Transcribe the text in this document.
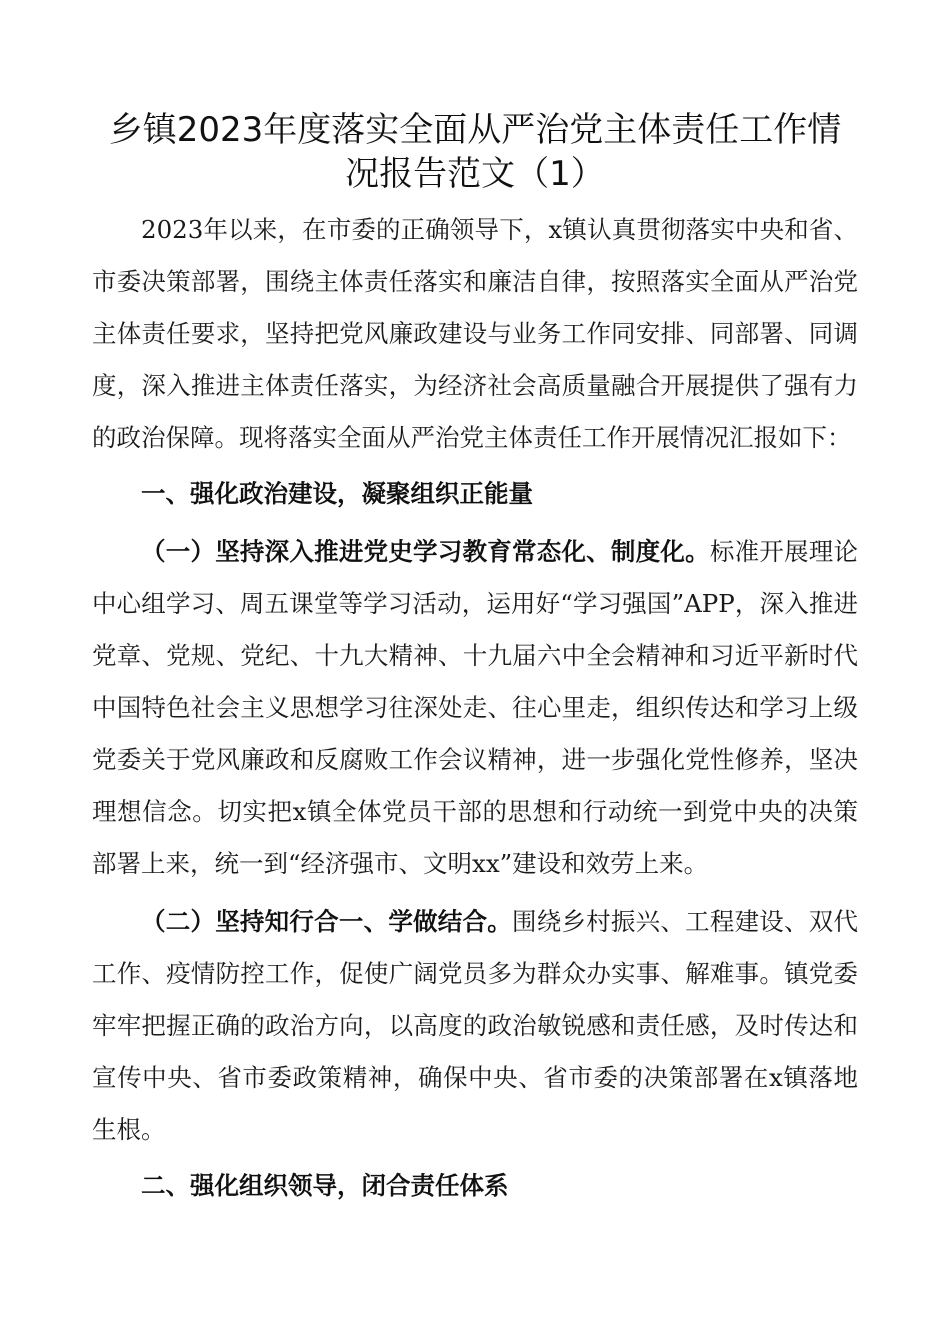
乡镇2023年度落实全面从严治党主体责任工作情况报告范文（1）

2023年以来，在市委的正确领导下，x镇认真贯彻落实中央和省、市委决策部署，围绕主体责任落实和廉洁自律，按照落实全面从严治党主体责任要求，坚持把党风廉政建设与业务工作同安排、同部署、同调度，深入推进主体责任落实，为经济社会高质量融合开展提供了强有力的政治保障。现将落实全面从严治党主体责任工作开展情况汇报如下：

一、强化政治建设，凝聚组织正能量

（一）坚持深入推进党史学习教育常态化、制度化。标准开展理论中心组学习、周五课堂等学习活动，运用好“学习强国”APP，深入推进党章、党规、党纪、十九大精神、十九届六中全会精神和习近平新时代中国特色社会主义思想学习往深处走、往心里走，组织传达和学习上级党委关于党风廉政和反腐败工作会议精神，进一步强化党性修养，坚决理想信念。切实把x镇全体党员干部的思想和行动统一到党中央的决策部署上来，统一到“经济强市、文明xx”建设和效劳上来。

（二）坚持知行合一、学做结合。围绕乡村振兴、工程建设、双代工作、疫情防控工作，促使广阔党员多为群众办实事、解难事。镇党委牢牢把握正确的政治方向，以高度的政治敏锐感和责任感，及时传达和宣传中央、省市委政策精神，确保中央、省市委的决策部署在x镇落地生根。

二、强化组织领导，闭合责任体系
